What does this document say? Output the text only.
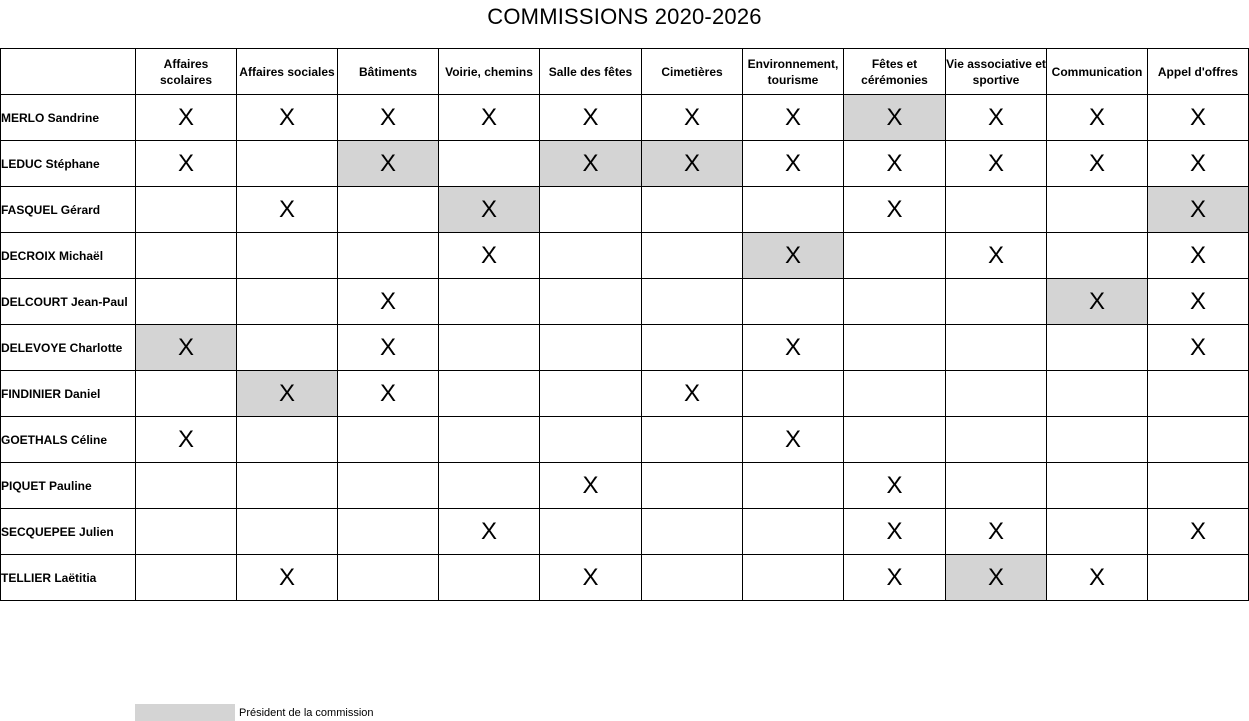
COMMISSIONS 2020-2026
	Affaires scolaires	Affaires sociales	Bâtiments	Voirie, chemins	Salle des fêtes	Cimetières	Environnement, tourisme	Fêtes et cérémonies	Vie associative et sportive	Communication	Appel d'offres
MERLO Sandrine	X	X	X	X	X	X	X	X	X	X	X
LEDUC Stéphane	X		X		X	X	X	X	X	X	X
FASQUEL Gérard		X		X				X			X
DECROIX Michaël				X			X		X		X
DELCOURT Jean-Paul			X							X	X
DELEVOYE Charlotte	X		X				X				X
FINDINIER Daniel		X	X			X					
GOETHALS Céline	X						X				
PIQUET Pauline					X			X			
SECQUEPEE Julien				X				X	X		X
TELLIER Laëtitia		X			X			X	X	X	
Président de la commission
